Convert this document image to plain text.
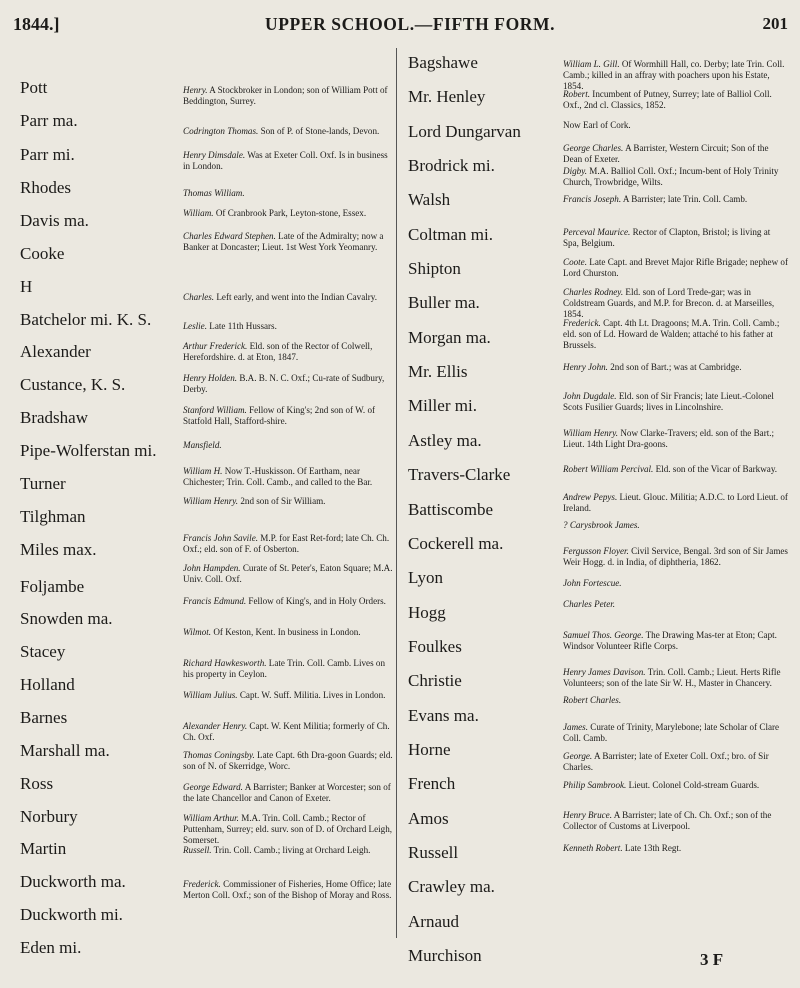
1844.]	UPPER SCHOOL.—FIFTH FORM.	201
Pott
Parr ma.
Parr mi.
Rhodes
Davis ma.
Cooke
H
Batchelor mi. K. S.
Alexander
Custance, K. S.
Bradshaw
Pipe-Wolferstan mi.
Turner
Tilghman
Miles max.
Foljambe
Snowden ma.
Stacey
Holland
Barnes
Marshall ma.
Ross
Norbury
Martin
Duckworth ma.
Duckworth mi.
Eden mi.
Henry. A Stockbroker in London; son of William Pott of Beddington, Surrey.
Codrington Thomas. Son of P. of Stone-lands, Devon.
Henry Dimsdale. Was at Exeter Coll. Oxf. Is in business in London.
Thomas William.
William. Of Cranbrook Park, Leyton-stone, Essex.
Charles Edward Stephen. Late of the Admiralty; now a Banker at Doncaster; Lieut. 1st West York Yeomanry.
Charles. Left early, and went into the Indian Cavalry.
Leslie. Late 11th Hussars.
Arthur Frederick. Eld. son of the Rector of Colwell, Herefordshire. d. at Eton, 1847.
Henry Holden. B.A. B. N. C. Oxf.; Cu-rate of Sudbury, Derby.
Stanford William. Fellow of King's; 2nd son of W. of Statfold Hall, Stafford-shire.
Mansfield.
William H. Now T.-Huskisson. Of Eartham, near Chichester; Trin. Coll. Camb., and called to the Bar.
William Henry. 2nd son of Sir William.
Francis John Savile. M.P. for East Ret-ford; late Ch. Ch. Oxf.; eld. son of F. of Osberton.
John Hampden. Curate of St. Peter's, Eaton Square; M.A. Univ. Coll. Oxf.
Francis Edmund. Fellow of King's, and in Holy Orders.
Wilmot. Of Keston, Kent. In business in London.
Richard Hawkesworth. Late Trin. Coll. Camb. Lives on his property in Ceylon.
William Julius. Capt. W. Suff. Militia. Lives in London.
Alexander Henry. Capt. W. Kent Militia; formerly of Ch. Ch. Oxf.
Thomas Coningsby. Late Capt. 6th Dra-goon Guards; eld. son of N. of Skerridge, Worc.
George Edward. A Barrister; Banker at Worcester; son of the late Chancellor and Canon of Exeter.
William Arthur. M.A. Trin. Coll. Camb.; Rector of Puttenham, Surrey; eld. surv. son of D. of Orchard Leigh, Somerset.
Russell. Trin. Coll. Camb.; living at Orchard Leigh.
Frederick. Commissioner of Fisheries, Home Office; late Merton Coll. Oxf.; son of the Bishop of Moray and Ross.
Bagshawe
Mr. Henley
Lord Dungarvan
Brodrick mi.
Walsh
Coltman mi.
Shipton
Buller ma.
Morgan ma.
Mr. Ellis
Miller mi.
Astley ma.
Travers-Clarke
Battiscombe
Cockerell ma.
Lyon
Hogg
Foulkes
Christie
Evans ma.
Horne
French
Amos
Russell
Crawley ma.
Arnaud
Murchison
William L. Gill. Of Wormhill Hall, co. Derby; late Trin. Coll. Camb.; killed in an affray with poachers upon his Estate, 1854.
Robert. Incumbent of Putney, Surrey; late of Balliol Coll. Oxf., 2nd cl. Classics, 1852.
Now Earl of Cork.
George Charles. A Barrister, Western Circuit; Son of the Dean of Exeter.
Digby. M.A. Balliol Coll. Oxf.; Incum-bent of Holy Trinity Church, Trowbridge, Wilts.
Francis Joseph. A Barrister; late Trin. Coll. Camb.
Perceval Maurice. Rector of Clapton, Bristol; is living at Spa, Belgium.
Coote. Late Capt. and Brevet Major Rifle Brigade; nephew of Lord Churston.
Charles Rodney. Eld. son of Lord Trede-gar; was in Coldstream Guards, and M.P. for Brecon. d. at Marseilles, 1854.
Frederick. Capt. 4th Lt. Dragoons; M.A. Trin. Coll. Camb.; eld. son of Ld. Howard de Walden; attaché to his father at Brussels.
Henry John. 2nd son of Bart.; was at Cambridge.
John Dugdale. Eld. son of Sir Francis; late Lieut.-Colonel Scots Fusilier Guards; lives in Lincolnshire.
William Henry. Now Clarke-Travers; eld. son of the Bart.; Lieut. 14th Light Dra-goons.
Robert William Percival. Eld. son of the Vicar of Barkway.
Andrew Pepys. Lieut. Glouc. Militia; A.D.C. to Lord Lieut. of Ireland.
? Carysbrook James.
Fergusson Floyer. Civil Service, Bengal. 3rd son of Sir James Weir Hogg. d. in India, of diphtheria, 1862.
John Fortescue.
Charles Peter.
Samuel Thos. George. The Drawing Mas-ter at Eton; Capt. Windsor Volunteer Rifle Corps.
Henry James Davison. Trin. Coll. Camb.; Lieut. Herts Rifle Volunteers; son of the late Sir W. H., Master in Chancery.
Robert Charles.
James. Curate of Trinity, Marylebone; late Scholar of Clare Coll. Camb.
George. A Barrister; late of Exeter Coll. Oxf.; bro. of Sir Charles.
Philip Sambrook. Lieut. Colonel Cold-stream Guards.
Henry Bruce. A Barrister; late of Ch. Ch. Oxf.; son of the Collector of Customs at Liverpool.
Kenneth Robert. Late 13th Regt.
3 F
